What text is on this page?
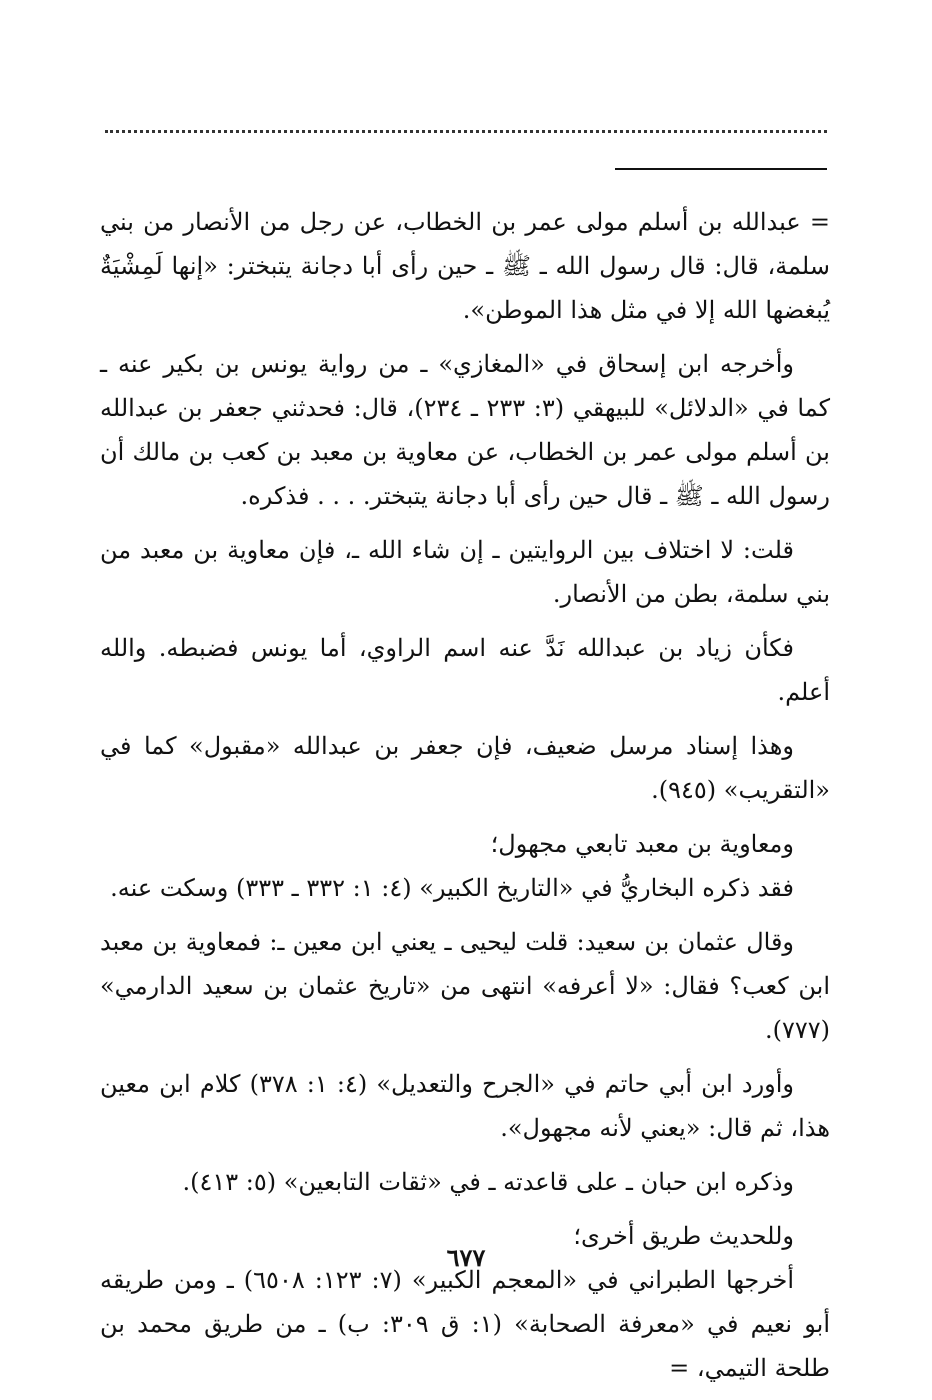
= عبدالله بن أسلم مولى عمر بن الخطاب، عن رجل من الأنصار من بني سلمة، قال: قال رسول الله ـ ﷺ ـ حين رأى أبا دجانة يتبختر: «إنها لَمِشْيَةٌ يُبغضها الله إلا في مثل هذا الموطن».

وأخرجه ابن إسحاق في «المغازي» ـ من رواية يونس بن بكير عنه ـ كما في «الدلائل» للبيهقي (٣: ٢٣٣ ـ ٢٣٤)، قال: فحدثني جعفر بن عبدالله بن أسلم مولى عمر بن الخطاب، عن معاوية بن معبد بن كعب بن مالك أن رسول الله ـ ﷺ ـ قال حين رأى أبا دجانة يتبختر. . . . فذكره.

قلت: لا اختلاف بين الروايتين ـ إن شاء الله ـ، فإن معاوية بن معبد من بني سلمة، بطن من الأنصار.

فكأن زياد بن عبدالله نَدَّ عنه اسم الراوي، أما يونس فضبطه. والله أعلم.

وهذا إسناد مرسل ضعيف، فإن جعفر بن عبدالله «مقبول» كما في «التقريب» (٩٤٥).

ومعاوية بن معبد تابعي مجهول؛

فقد ذكره البخاريُّ في «التاريخ الكبير» (٤: ١: ٣٣٢ ـ ٣٣٣) وسكت عنه.

وقال عثمان بن سعيد: قلت ليحيى ـ يعني ابن معين ـ: فمعاوية بن معبد ابن كعب؟ فقال: «لا أعرفه» انتهى من «تاريخ عثمان بن سعيد الدارمي» (٧٧٧).

وأورد ابن أبي حاتم في «الجرح والتعديل» (٤: ١: ٣٧٨) كلام ابن معين هذا، ثم قال: «يعني لأنه مجهول».

وذكره ابن حبان ـ على قاعدته ـ في «ثقات التابعين» (٥: ٤١٣).

وللحديث طريق أخرى؛

أخرجها الطبراني في «المعجم الكبير» (٧: ١٢٣: ٦٥٠٨) ـ ومن طريقه أبو نعيم في «معرفة الصحابة» (١: ق ٣٠٩: ب) ـ من طريق محمد بن طلحة التيمي، =

٦٧٧
